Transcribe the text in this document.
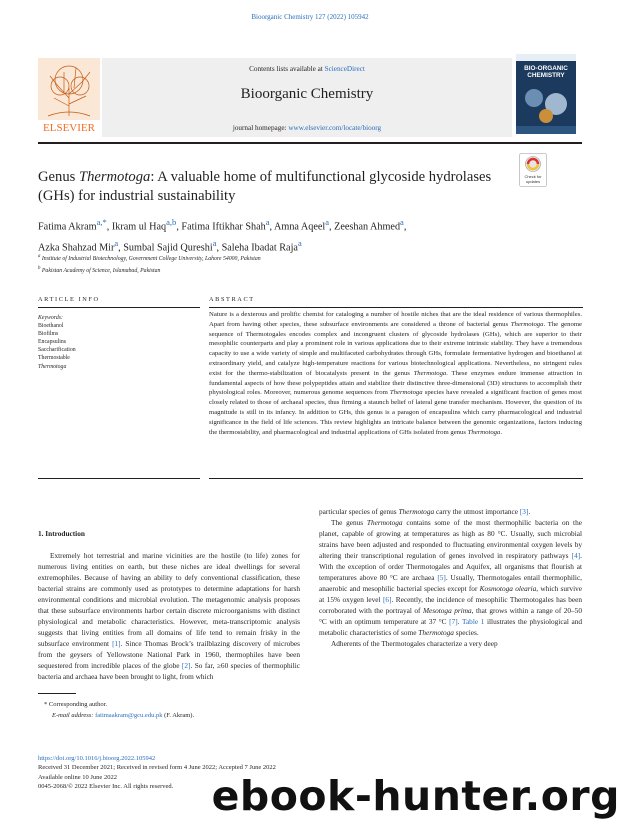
Bioorganic Chemistry 127 (2022) 105942
ELSEVIER
Contents lists available at ScienceDirect
Bioorganic Chemistry
journal homepage: www.elsevier.com/locate/bioorg
BIO-ORGANIC
CHEMISTRY
Genus Thermotoga: A valuable home of multifunctional glycoside hydrolases (GHs) for industrial sustainability
Check for
updates
Fatima Akram$^{a,*}$, Ikram ul Haq$^{a,b}$, Fatima Iftikhar Shah$^a$, Amna Aqeel$^a$, Zeeshan Ahmed$^a$,
Azka Shahzad Mir$^a$, Sumbal Sajid Qureshi$^a$, Saleha Ibadat Raja$^a$
$^a$ Institute of Industrial Biotechnology, Government College University, Lahore 54000, Pakistan
$^b$ Pakistan Academy of Science, Islamabad, Pakistan
ARTICLE INFO	ABSTRACT
Keywords:
Bioethanol
Biofilms
Encapsulins
Saccharification
Thermostable
Thermotoga
Nature is a dexterous and prolific chemist for cataloging a number of hostile niches that are the ideal residence of various thermophiles. Apart from having other species, these subsurface environments are considered a throne of bacterial genus Thermotoga. The genome sequence of Thermotogales encodes complex and incongruent clusters of glycoside hydrolases (GHs), which are superior to their mesophilic counterparts and play a prominent role in various applications due to their extreme intrinsic stability. They have a tremendous capacity to use a wide variety of simple and multifaceted carbohydrates through GHs, formulate fermentative hydrogen and bioethanol at extraordinary yield, and catalyze high-temperature reactions for various biotechnological applications. Nevertheless, no stringent rules exist for the thermo-stabilization of biocatalysts present in the genus Thermotoga. These enzymes endure immense attraction in fundamental aspects of how these polypeptides attain and stabilize their distinctive three-dimensional (3D) structures to accomplish their physiological roles. Moreover, numerous genome sequences from Thermotoga species have revealed a significant fraction of genes most closely related to those of archaeal species, thus firming a staunch belief of lateral gene transfer mechanism. However, the question of its magnitude is still in its infancy. In addition to GHs, this genus is a paragon of encapsulins which carry pharmacological and industrial significance in the field of life sciences. This review highlights an intricate balance between the genomic organizations, factors inducing the thermostability, and pharmacological and industrial applications of GHs isolated from genus Thermotoga.

1. Introduction

Extremely hot terrestrial and marine vicinities are the hostile (to life) zones for numerous living entities on earth, but these niches are ideal dwellings for several extremophiles. Because of having an ability to defy conventional classification, these bacterial strains are commonly used as prototypes to determine adaptations for harsh environmental conditions and microbial evolution. The metagenomic analysis proposes that these subsurface environments harbor certain discrete microorganisms with distinct physiological and metabolic characteristics. However, meta-transcriptomic analysis suggests that living entities from all domains of life tend to remain frisky in the subsurface environment [1]. Since Thomas Brock’s trailblazing discovery of microbes from the geysers of Yellowstone National Park in 1960, thermophiles have been sequestered from incredible places of the globe [2]. So far, ≥60 species of thermophilic bacteria and archaea have been brought to light, from which

particular species of genus Thermotoga carry the utmost importance [3].

The genus Thermotoga contains some of the most thermophilic bacteria on the planet, capable of growing at temperatures as high as 80 °C. Usually, such microbial strains have been adjusted and responded to fluctuating environmental oxygen levels by altering their transcriptional regulation of genes involved in respiratory pathways [4]. With the exception of order Thermotogales and Aquifex, all organisms that flourish at temperatures above 80 °C are archaea [5]. Usually, Thermotogales entail thermophilic, anaerobic and mesophilic bacterial species except for Kosmotoga olearia, which survive at 15% oxygen level [6]. Recently, the incidence of mesophilic Thermotogales has been corroborated with the portrayal of Mesotoga prima, that grows within a range of 20–50 °C with an optimum temperature at 37 °C [7]. Table 1 illustrates the physiological and metabolic characteristics of some Thermotoga species.

Adherents of the Thermotogales characterize a very deep

* Corresponding author.
E-mail address: fatimaakram@gcu.edu.pk (F. Akram).
https://doi.org/10.1016/j.bioorg.2022.105942
Received 31 December 2021; Received in revised form 4 June 2022; Accepted 7 June 2022
Available online 10 June 2022
0045-2068/© 2022 Elsevier Inc. All rights reserved. ebook-hunter.org
